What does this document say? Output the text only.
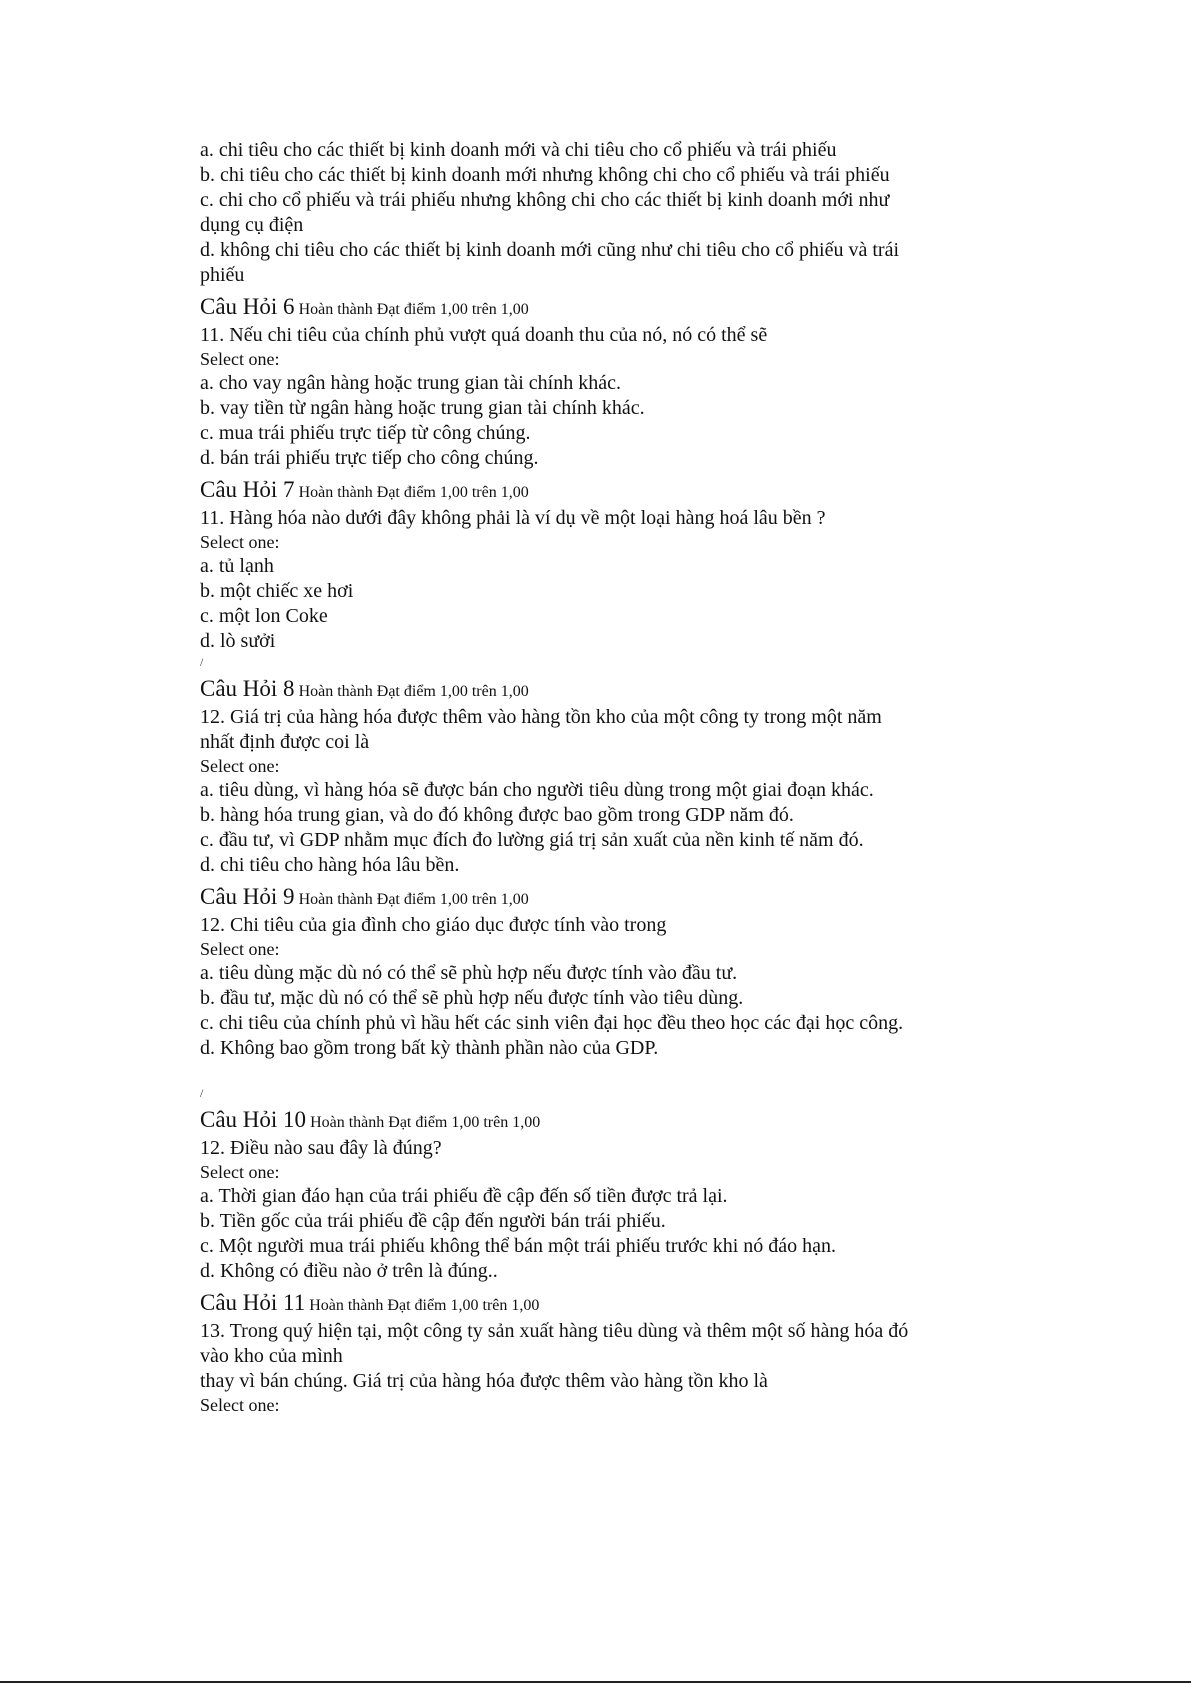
a. chi tiêu cho các thiết bị kinh doanh mới và chi tiêu cho cổ phiếu và trái phiếu

b. chi tiêu cho các thiết bị kinh doanh mới nhưng không chi cho cổ phiếu và trái phiếu

c. chi cho cổ phiếu và trái phiếu nhưng không chi cho các thiết bị kinh doanh mới như dụng cụ điện

d. không chi tiêu cho các thiết bị kinh doanh mới cũng như chi tiêu cho cổ phiếu và trái phiếu

Câu Hỏi 6 Hoàn thành Đạt điểm 1,00 trên 1,00

11. Nếu chi tiêu của chính phủ vượt quá doanh thu của nó, nó có thể sẽ

Select one:

a. cho vay ngân hàng hoặc trung gian tài chính khác.

b. vay tiền từ ngân hàng hoặc trung gian tài chính khác.

c. mua trái phiếu trực tiếp từ công chúng.

d. bán trái phiếu trực tiếp cho công chúng.

Câu Hỏi 7 Hoàn thành Đạt điểm 1,00 trên 1,00

11. Hàng hóa nào dưới đây không phải là ví dụ về một loại hàng hoá lâu bền ?

Select one:

a. tủ lạnh

b. một chiếc xe hơi

c. một lon Coke

d. lò sưởi

/

Câu Hỏi 8 Hoàn thành Đạt điểm 1,00 trên 1,00

12. Giá trị của hàng hóa được thêm vào hàng tồn kho của một công ty trong một năm nhất định được coi là

Select one:

a. tiêu dùng, vì hàng hóa sẽ được bán cho người tiêu dùng trong một giai đoạn khác.

b. hàng hóa trung gian, và do đó không được bao gồm trong GDP năm đó.

c. đầu tư, vì GDP nhằm mục đích đo lường giá trị sản xuất của nền kinh tế năm đó.

d. chi tiêu cho hàng hóa lâu bền.

Câu Hỏi 9 Hoàn thành Đạt điểm 1,00 trên 1,00

12. Chi tiêu của gia đình cho giáo dục được tính vào trong

Select one:

a. tiêu dùng mặc dù nó có thể sẽ phù hợp nếu được tính vào đầu tư.

b. đầu tư, mặc dù nó có thể sẽ phù hợp nếu được tính vào tiêu dùng.

c. chi tiêu của chính phủ vì hầu hết các sinh viên đại học đều theo học các đại học công.

d. Không bao gồm trong bất kỳ thành phần nào của GDP.

/

Câu Hỏi 10 Hoàn thành Đạt điểm 1,00 trên 1,00

12. Điều nào sau đây là đúng?

Select one:

a. Thời gian đáo hạn của trái phiếu đề cập đến số tiền được trả lại.

b. Tiền gốc của trái phiếu đề cập đến người bán trái phiếu.

c. Một người mua trái phiếu không thể bán một trái phiếu trước khi nó đáo hạn.

d. Không có điều nào ở trên là đúng..

Câu Hỏi 11 Hoàn thành Đạt điểm 1,00 trên 1,00

13. Trong quý hiện tại, một công ty sản xuất hàng tiêu dùng và thêm một số hàng hóa đó vào kho của mình

thay vì bán chúng. Giá trị của hàng hóa được thêm vào hàng tồn kho là

Select one:
